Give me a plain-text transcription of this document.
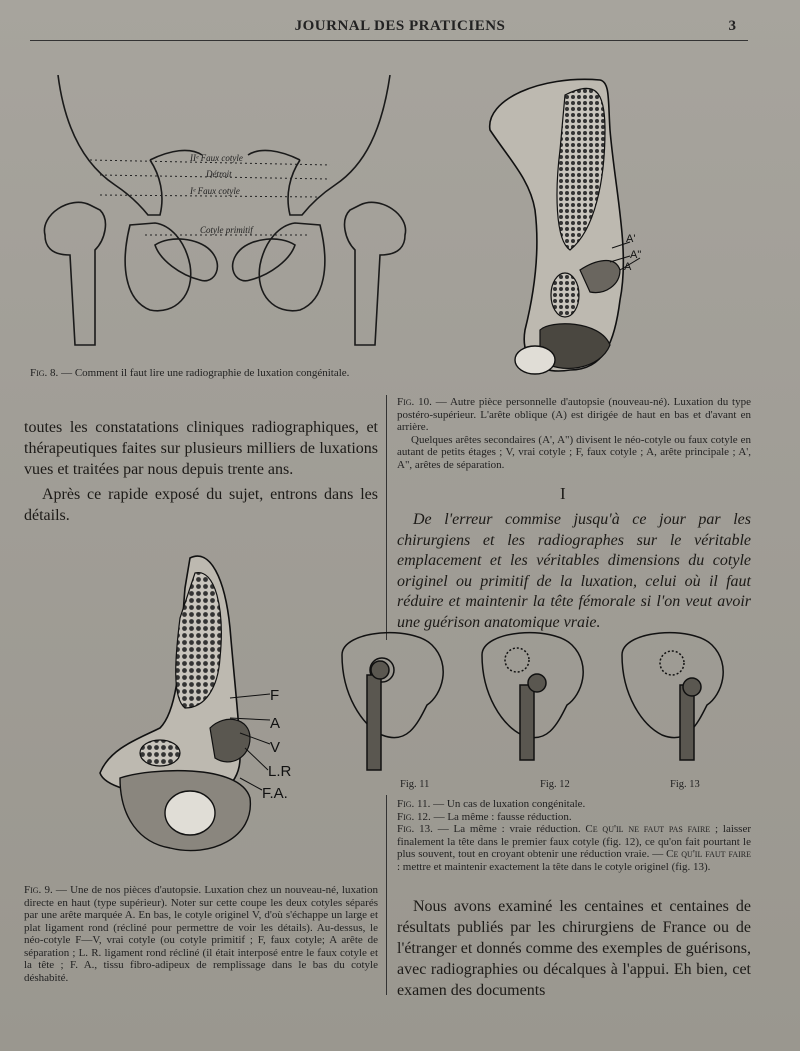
JOURNAL DES PRATICIENS	3
IIᵉ Faux cotyle
Détroit
Iᵉ Faux cotyle
Cotyle primitif
Fig. 8. — Comment il faut lire une radiographie de luxation congénitale.
A'
A"
A
Fig. 10. — Autre pièce personnelle d'autopsie (nouveau-né). Luxation du type postéro-supérieur. L'arête oblique (A) est dirigée de haut en bas et d'avant en arrière.
Quelques arêtes secondaires (A', A") divisent le néo-cotyle ou faux cotyle en autant de petits étages ; V, vrai cotyle ; F, faux cotyle ; A, arête principale ; A', A", arêtes de séparation.
toutes les constatations cliniques radiographiques, et thérapeutiques faites sur plusieurs milliers de luxations vues et traitées par nous depuis trente ans.
Après ce rapide exposé du sujet, entrons dans les détails.
I
De l'erreur commise jusqu'à ce jour par les chirurgiens et les radiographes sur le véritable emplacement et les véritables dimensions du cotyle originel ou primitif de la luxation, celui où il faut réduire et maintenir la tête fémorale si l'on veut avoir une guérison anatomique vraie.
F
A
V
L.R
F.A.
Fig. 9. — Une de nos pièces d'autopsie. Luxation chez un nouveau-né, luxation directe en haut (type supérieur). Noter sur cette coupe les deux cotyles séparés par une arête marquée A. En bas, le cotyle originel V, d'où s'échappe un large et plat ligament rond (récliné pour permettre de voir les détails). Au-dessus, le néo-cotyle F—V, vrai cotyle (ou cotyle primitif ; F, faux cotyle; A arête de séparation ; L. R. ligament rond récliné (il était interposé entre le faux cotyle et la tête ; F. A., tissu fibro-adipeux de remplissage dans le bas du cotyle déshabité.
Fig. 11	Fig. 12	Fig. 13
Fig. 11. — Un cas de luxation congénitale.
Fig. 12. — La même : fausse réduction.
Fig. 13. — La même : vraie réduction. Ce qu'il ne faut pas faire ; laisser finalement la tête dans le premier faux cotyle (fig. 12), ce qu'on fait pourtant le plus souvent, tout en croyant obtenir une réduction vraie. — Ce qu'il faut faire : mettre et maintenir exactement la tête dans le cotyle originel (fig. 13).
Nous avons examiné les centaines et centaines de résultats publiés par les chirurgiens de France ou de l'étranger et donnés comme des exemples de guérisons, avec radiographies ou décalques à l'appui. Eh bien, cet examen des documents
